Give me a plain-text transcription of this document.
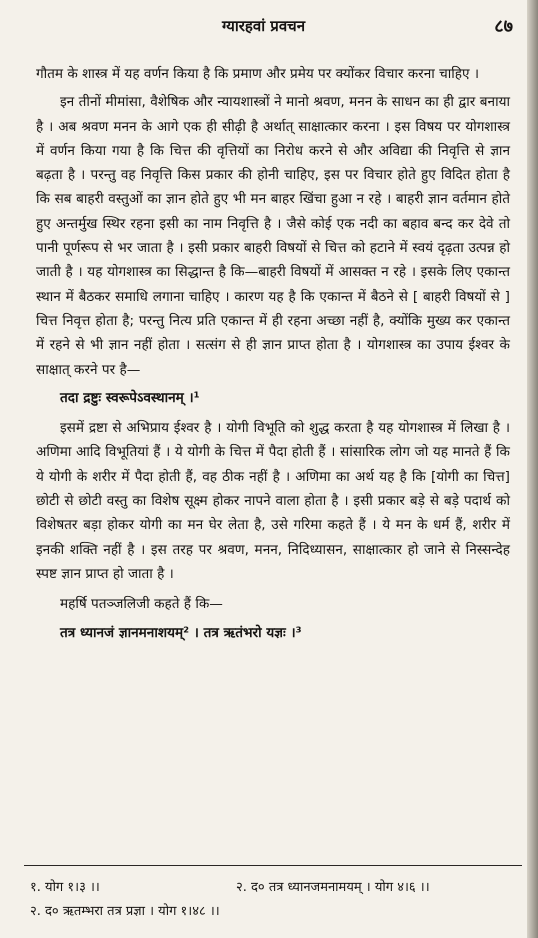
ग्यारहवां प्रवचन	८७

गौतम के शास्त्र में यह वर्णन किया है कि प्रमाण और प्रमेय पर क्योंकर विचार करना चाहिए ।

इन तीनों मीमांसा, वैशेषिक और न्यायशास्त्रों ने मानो श्रवण, मनन के साधन का ही द्वार बनाया है । अब श्रवण मनन के आगे एक ही सीढ़ी है अर्थात् साक्षात्कार करना । इस विषय पर योगशास्त्र में वर्णन किया गया है कि चित्त की वृत्तियों का निरोध करने से और अविद्या की निवृत्ति से ज्ञान बढ़ता है । परन्तु वह निवृत्ति किस प्रकार की होनी चाहिए, इस पर विचार होते हुए विदित होता है कि सब बाहरी वस्तुओं का ज्ञान होते हुए भी मन बाहर खिंचा हुआ न रहे । बाहरी ज्ञान वर्तमान होते हुए अन्तर्मुख स्थिर रहना इसी का नाम निवृत्ति है । जैसे कोई एक नदी का बहाव बन्द कर देवे तो पानी पूर्णरूप से भर जाता है । इसी प्रकार बाहरी विषयों से चित्त को हटाने में स्वयं दृढ़ता उत्पन्न हो जाती है । यह योगशास्त्र का सिद्धान्त है कि—बाहरी विषयों में आसक्त न रहे । इसके लिए एकान्त स्थान में बैठकर समाधि लगाना चाहिए । कारण यह है कि एकान्त में बैठने से [ बाहरी विषयों से ] चित्त निवृत्त होता है; परन्तु नित्य प्रति एकान्त में ही रहना अच्छा नहीं है, क्योंकि मुख्य कर एकान्त में रहने से भी ज्ञान नहीं होता । सत्संग से ही ज्ञान प्राप्त होता है । योगशास्त्र का उपाय ईश्वर के साक्षात् करने पर है—

तदा द्रष्टुः स्वरूपेऽवस्थानम् ।¹

इसमें द्रष्टा से अभिप्राय ईश्वर है । योगी विभूति को शुद्ध करता है यह योगशास्त्र में लिखा है । अणिमा आदि विभूतियां हैं । ये योगी के चित्त में पैदा होती हैं । सांसारिक लोग जो यह मानते हैं कि ये योगी के शरीर में पैदा होती हैं, वह ठीक नहीं है । अणिमा का अर्थ यह है कि [योगी का चित्त] छोटी से छोटी वस्तु का विशेष सूक्ष्म होकर नापने वाला होता है । इसी प्रकार बड़े से बड़े पदार्थ को विशेषतर बड़ा होकर योगी का मन घेर लेता है, उसे गरिमा कहते हैं । ये मन के धर्म हैं, शरीर में इनकी शक्ति नहीं है । इस तरह पर श्रवण, मनन, निदिध्यासन, साक्षात्कार हो जाने से निस्सन्देह स्पष्ट ज्ञान प्राप्त हो जाता है ।

महर्षि पतञ्जलिजी कहते हैं कि—

तत्र ध्यानजं ज्ञानमनाशयम्² । तत्र ऋतंभरो यज्ञः ।³

१. योग १।३ ।।	२. द० तत्र ध्यानजमनामयम् । योग ४।६ ।।
२. द० ऋतम्भरा तत्र प्रज्ञा । योग १।४८ ।।
